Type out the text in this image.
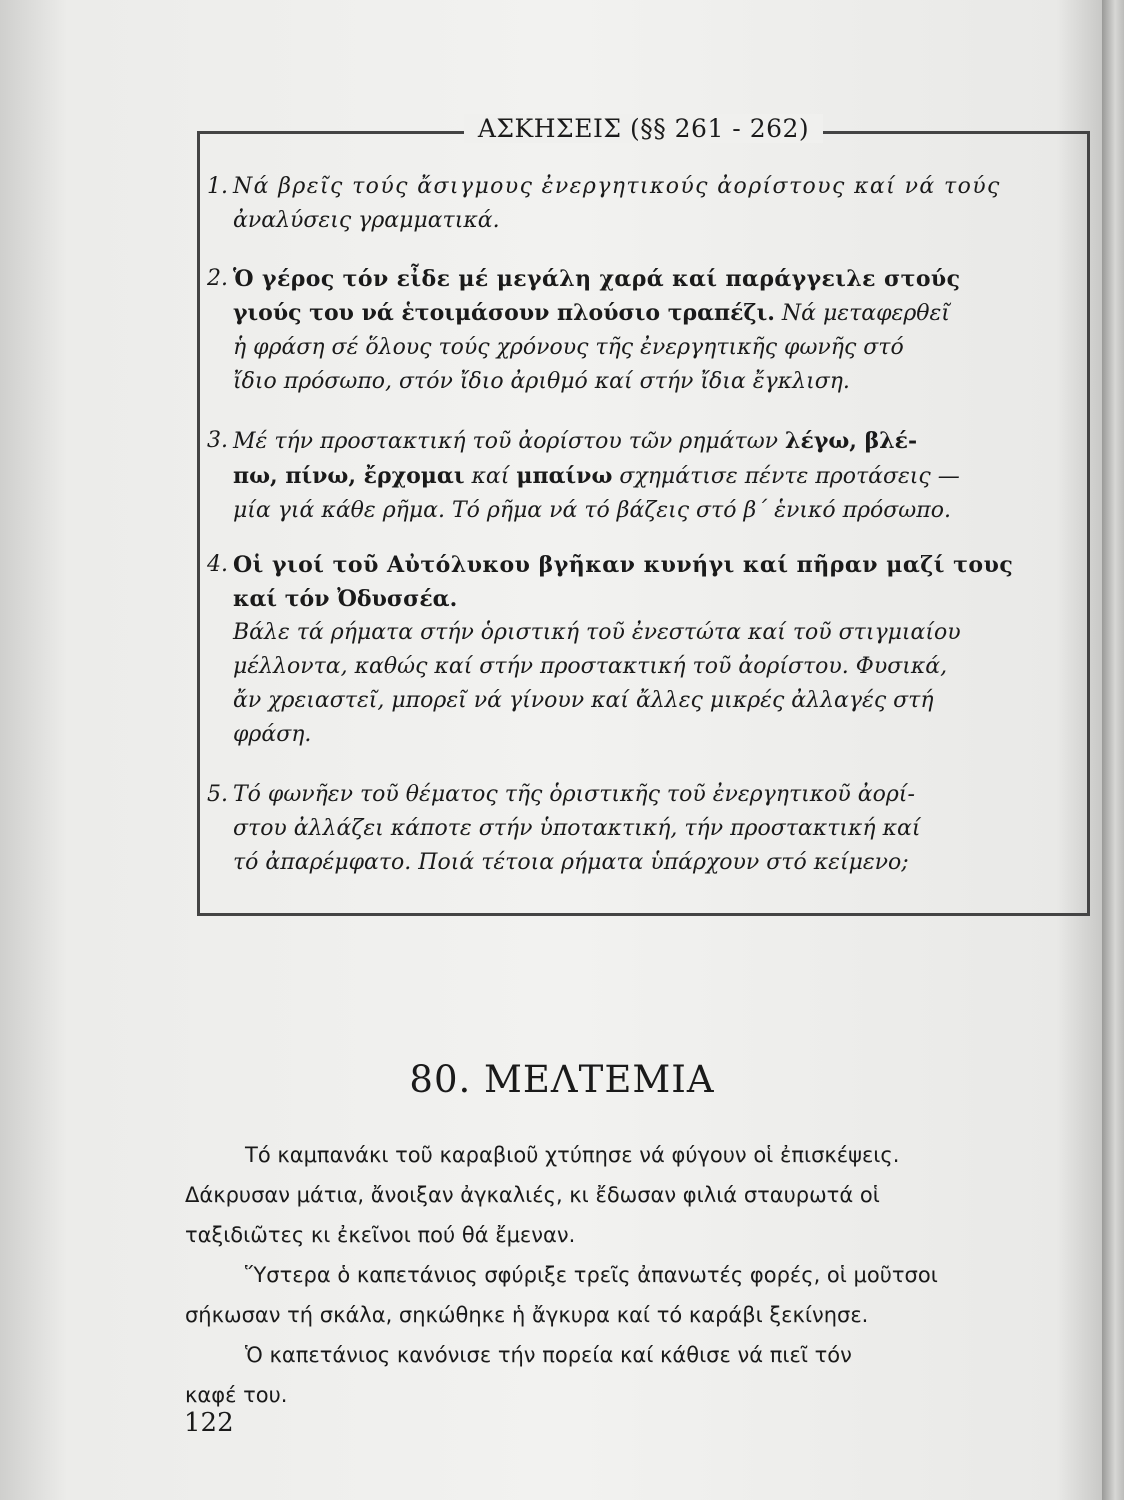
ΑΣΚΗΣΕΙΣ (§§ 261 - 262)
1. Νά βρεῖς τούς ἄσιγμους ἐνεργητικούς ἀορίστους καί νά τούς
ἀναλύσεις γραμματικά.
2. Ὁ γέρος τόν εἶδε μέ μεγάλη χαρά καί παράγγειλε στούς
γιούς του νά ἑτοιμάσουν πλούσιο τραπέζι. Νά μεταφερθεῖ
ἡ φράση σέ ὅλους τούς χρόνους τῆς ἐνεργητικῆς φωνῆς στό
ἴδιο πρόσωπο, στόν ἴδιο ἀριθμό καί στήν ἴδια ἔγκλιση.
3. Μέ τήν προστακτική τοῦ ἀορίστου τῶν ρημάτων λέγω, βλέ-
πω, πίνω, ἔρχομαι καί μπαίνω σχημάτισε πέντε προτάσεις —
μία γιά κάθε ρῆμα. Τό ρῆμα νά τό βάζεις στό β΄ ἑνικό πρόσωπο.
4. Οἱ γιοί τοῦ Αὐτόλυκου βγῆκαν κυνήγι καί πῆραν μαζί τους
καί τόν Ὀδυσσέα.
Βάλε τά ρήματα στήν ὁριστική τοῦ ἐνεστώτα καί τοῦ στιγμιαίου
μέλλοντα, καθώς καί στήν προστακτική τοῦ ἀορίστου. Φυσικά,
ἄν χρειαστεῖ, μπορεῖ νά γίνουν καί ἄλλες μικρές ἀλλαγές στή
φράση.
5. Τό φωνῆεν τοῦ θέματος τῆς ὁριστικῆς τοῦ ἐνεργητικοῦ ἀορί-
στου ἀλλάζει κάποτε στήν ὑποτακτική, τήν προστακτική καί
τό ἀπαρέμφατο. Ποιά τέτοια ρήματα ὑπάρχουν στό κείμενο;
80. ΜΕΛΤΕΜΙΑ
Τό καμπανάκι τοῦ καραβιοῦ χτύπησε νά φύγουν οἱ ἐπισκέψεις.
Δάκρυσαν μάτια, ἄνοιξαν ἀγκαλιές, κι ἔδωσαν φιλιά σταυρωτά οἱ
ταξιδιῶτες κι ἐκεῖνοι πού θά ἔμεναν.
Ὕστερα ὁ καπετάνιος σφύριξε τρεῖς ἀπανωτές φορές, οἱ μοῦτσοι
σήκωσαν τή σκάλα, σηκώθηκε ἡ ἄγκυρα καί τό καράβι ξεκίνησε.
Ὁ καπετάνιος κανόνισε τήν πορεία καί κάθισε νά πιεῖ τόν
καφέ του.
122
